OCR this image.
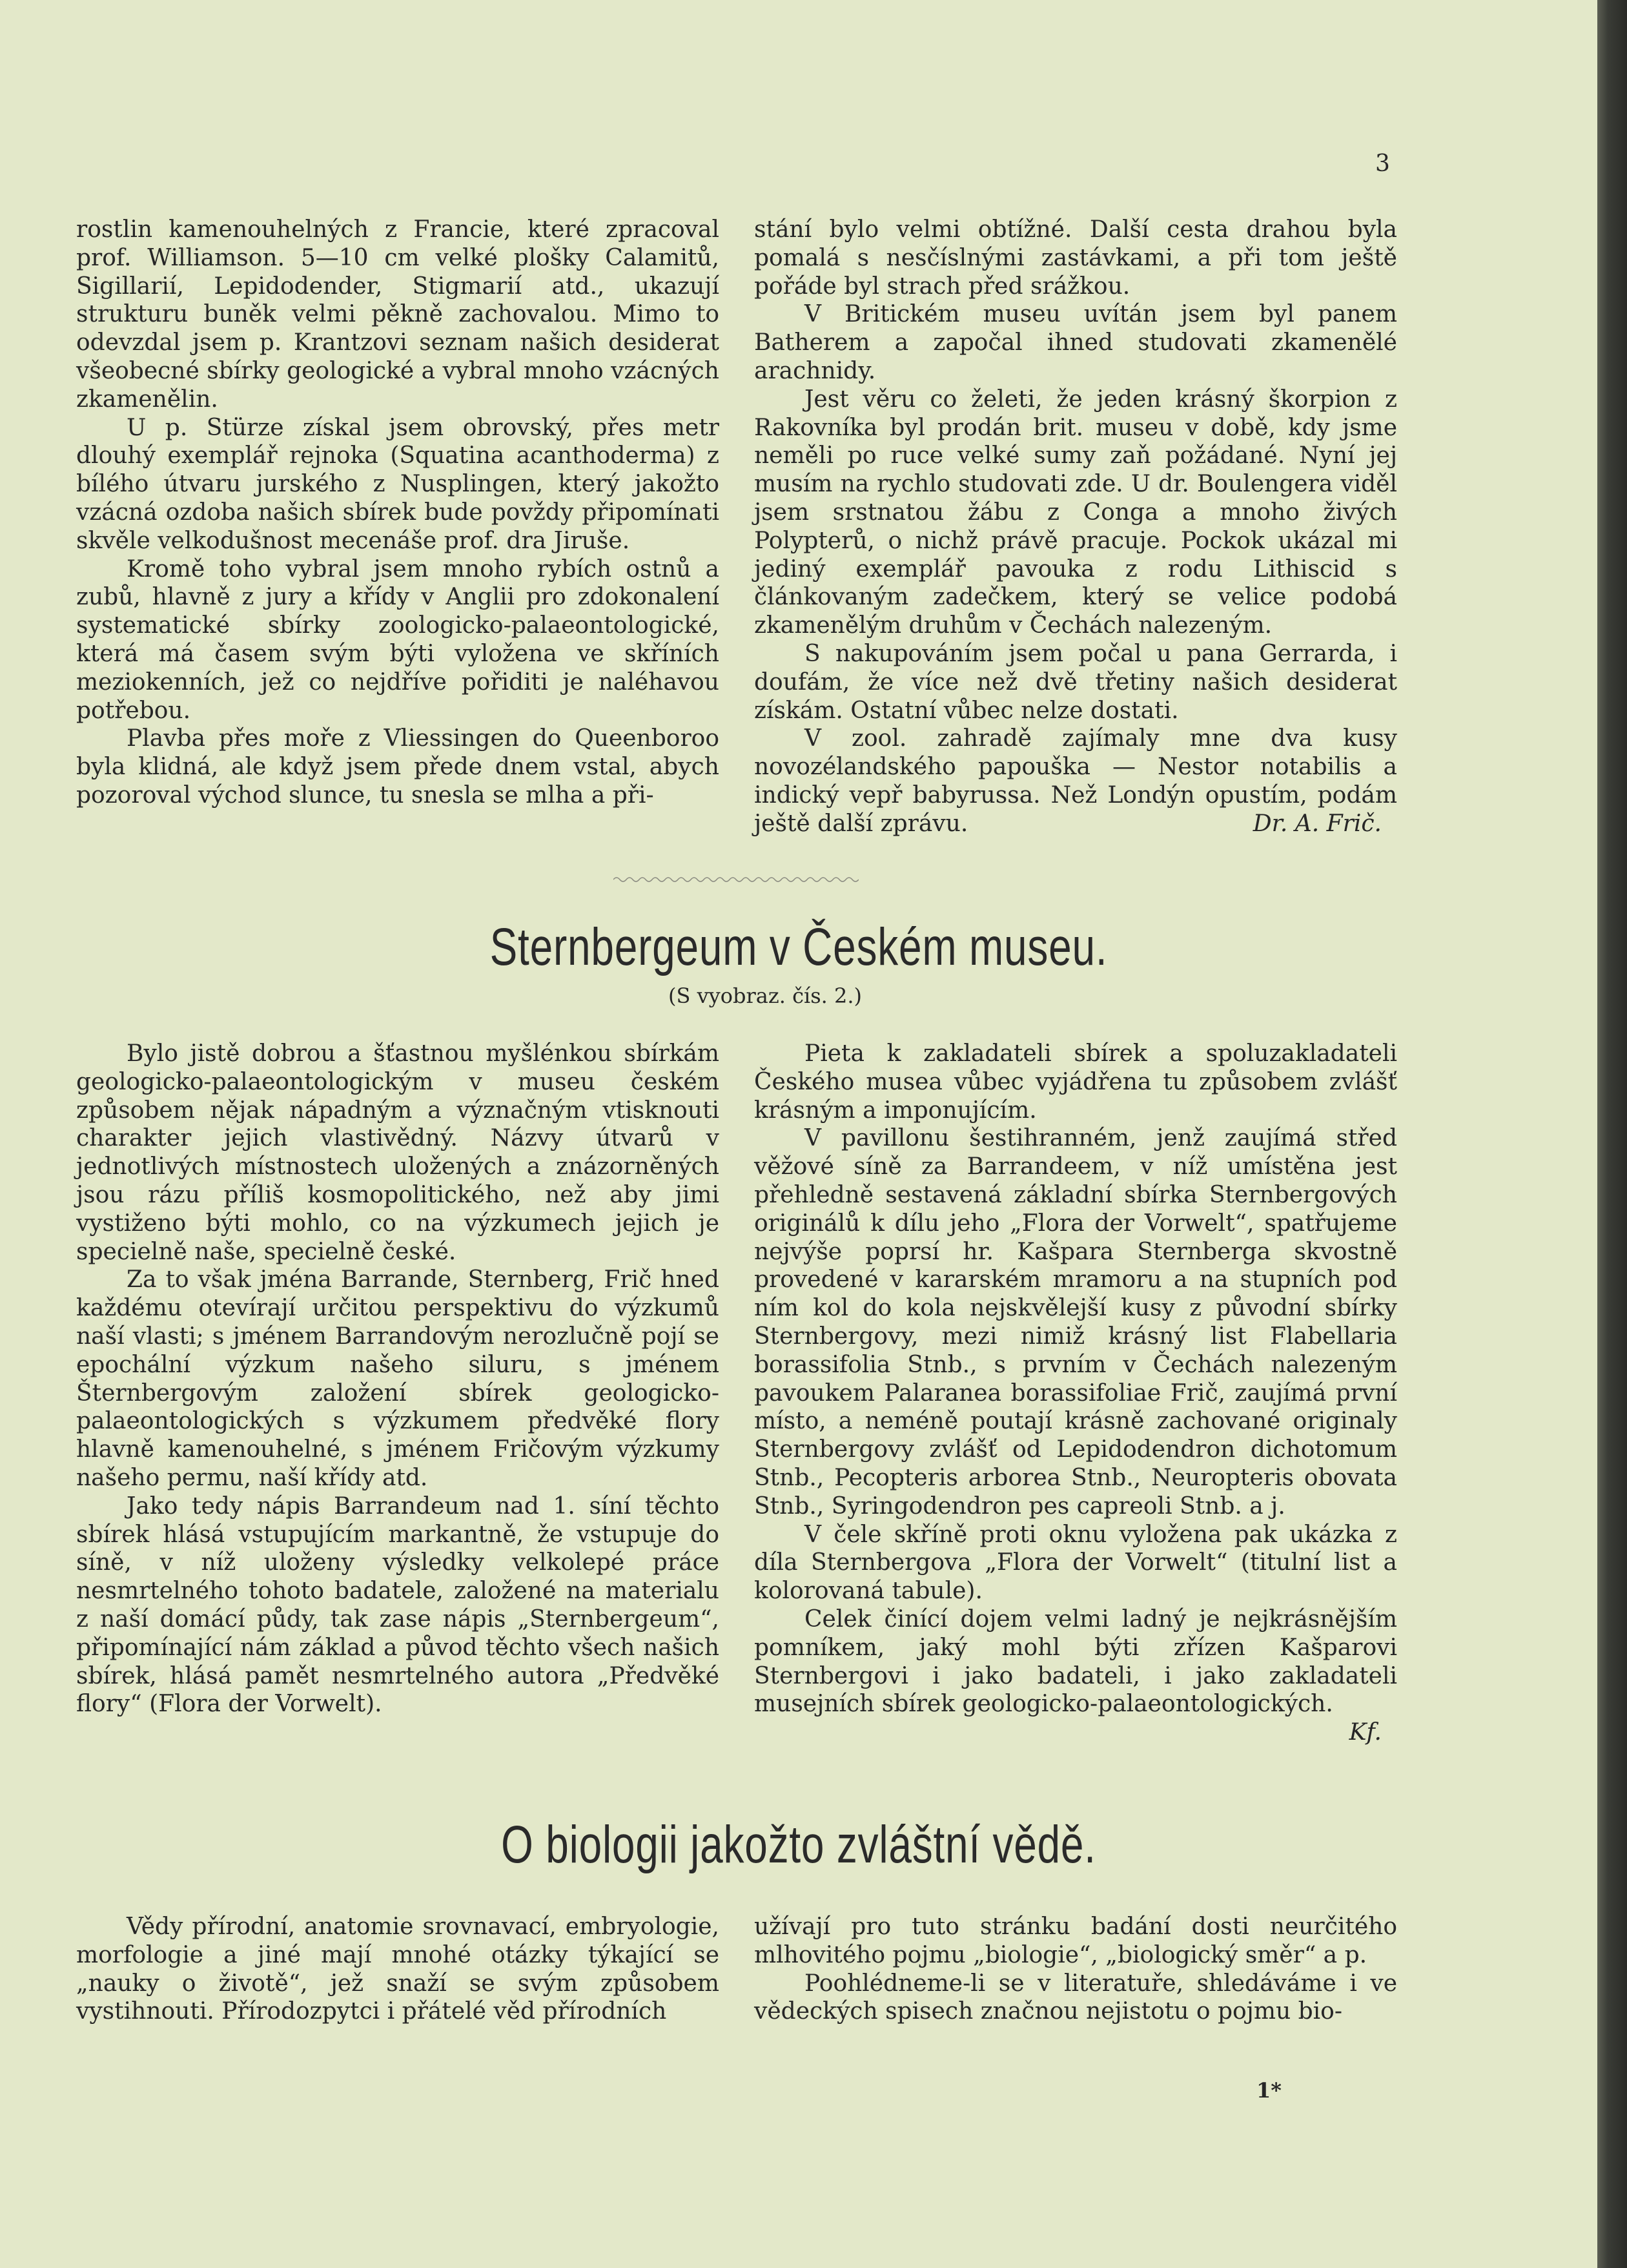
3

rostlin kamenouhelných z Francie, které zpracoval prof. Williamson. 5—10 cm velké plošky Calamitů, Sigillarií, Lepidodender, Stigmarií atd., ukazují strukturu buněk velmi pěkně zachovalou. Mimo to odevzdal jsem p. Krantzovi seznam našich desiderat všeobecné sbírky geologické a vybral mnoho vzácných zkamenělin.

U p. Stürze získal jsem obrovský, přes metr dlouhý exemplář rejnoka (Squatina acanthoderma) z bílého útvaru jurského z Nusplingen, který jakožto vzácná ozdoba našich sbírek bude povždy připomínati skvěle velkodušnost mecenáše prof. dra Jiruše.

Kromě toho vybral jsem mnoho rybích ostnů a zubů, hlavně z jury a křídy v Anglii pro zdokonalení systematické sbírky zoologicko-palaeontologické, která má časem svým býti vyložena ve skříních meziokenních, jež co nejdříve pořiditi je naléhavou potřebou.

Plavba přes moře z Vliessingen do Queenboroo byla klidná, ale když jsem přede dnem vstal, abych pozoroval východ slunce, tu snesla se mlha a při-

stání bylo velmi obtížné. Další cesta drahou byla pomalá s nesčíslnými zastávkami, a při tom ještě pořáde byl strach před srážkou.

V Britickém museu uvítán jsem byl panem Batherem a započal ihned studovati zkamenělé arachnidy.

Jest věru co želeti, že jeden krásný škorpion z Rakovníka byl prodán brit. museu v době, kdy jsme neměli po ruce velké sumy zaň požádané. Nyní jej musím na rychlo studovati zde. U dr. Boulengera viděl jsem srstnatou žábu z Conga a mnoho živých Polypterů, o nichž právě pracuje. Pockok ukázal mi jediný exemplář pavouka z rodu Lithiscid s článkovaným zadečkem, který se velice podobá zkamenělým druhům v Čechách nalezeným.

S nakupováním jsem počal u pana Gerrarda, i doufám, že více než dvě třetiny našich desiderat získám. Ostatní vůbec nelze dostati.

V zool. zahradě zajímaly mne dva kusy novozélandského papouška — Nestor notabilis a indický vepř babyrussa. Než Londýn opustím, podám ještě další zprávu.	Dr. A. Frič.

Sternbergeum v Českém museu.
(S vyobraz. čís. 2.)

Bylo jistě dobrou a šťastnou myšlénkou sbírkám geologicko-palaeontologickým v museu českém způsobem nějak nápadným a význačným vtisknouti charakter jejich vlastivědný. Názvy útvarů v jednotlivých místnostech uložených a znázorněných jsou rázu příliš kosmopolitického, než aby jimi vystiženo býti mohlo, co na výzkumech jejich je specielně naše, specielně české.

Za to však jména Barrande, Sternberg, Frič hned každému otevírají určitou perspektivu do výzkumů naší vlasti; s jménem Barrandovým nerozlučně pojí se epochální výzkum našeho siluru, s jménem Šternbergovým založení sbírek geologicko-palaeontologických s výzkumem předvěké flory hlavně kamenouhelné, s jménem Fričovým výzkumy našeho permu, naší křídy atd.

Jako tedy nápis Barrandeum nad 1. síní těchto sbírek hlásá vstupujícím markantně, že vstupuje do síně, v níž uloženy výsledky velkolepé práce nesmrtelného tohoto badatele, založené na materialu z naší domácí půdy, tak zase nápis „Sternbergeum“, připomínající nám základ a původ těchto všech našich sbírek, hlásá pamět nesmrtelného autora „Předvěké flory“ (Flora der Vorwelt).

Pieta k zakladateli sbírek a spoluzakladateli Českého musea vůbec vyjádřena tu způsobem zvlášť krásným a imponujícím.

V pavillonu šestihranném, jenž zaujímá střed věžové síně za Barrandeem, v níž umístěna jest přehledně sestavená základní sbírka Sternbergových originálů k dílu jeho „Flora der Vorwelt“, spatřujeme nejvýše poprsí hr. Kašpara Sternberga skvostně provedené v kararském mramoru a na stupních pod ním kol do kola nejskvělejší kusy z původní sbírky Sternbergovy, mezi nimiž krásný list Flabellaria borassifolia Stnb., s prvním v Čechách nalezeným pavoukem Palaranea borassifoliae Frič, zaujímá první místo, a neméně poutají krásně zachované originaly Sternbergovy zvlášť od Lepidodendron dichotomum Stnb., Pecopteris arborea Stnb., Neuropteris obovata Stnb., Syringodendron pes capreoli Stnb. a j.

V čele skříně proti oknu vyložena pak ukázka z díla Sternbergova „Flora der Vorwelt“ (titulní list a kolorovaná tabule).

Celek činící dojem velmi ladný je nejkrásnějším pomníkem, jaký mohl býti zřízen Kašparovi Sternbergovi i jako badateli, i jako zakladateli musejních sbírek geologicko-palaeontologických.
Kf.

O biologii jakožto zvláštní vědě.

Vědy přírodní, anatomie srovnavací, embryologie, morfologie a jiné mají mnohé otázky týkající se „nauky o životě“, jež snaží se svým způsobem vystihnouti. Přírodozpytci i přátelé věd přírodních

užívají pro tuto stránku badání dosti neurčitého mlhovitého pojmu „biologie“, „biologický směr“ a p.

Poohlédneme-li se v literatuře, shledáváme i ve vědeckých spisech značnou nejistotu o pojmu bio-

1*
